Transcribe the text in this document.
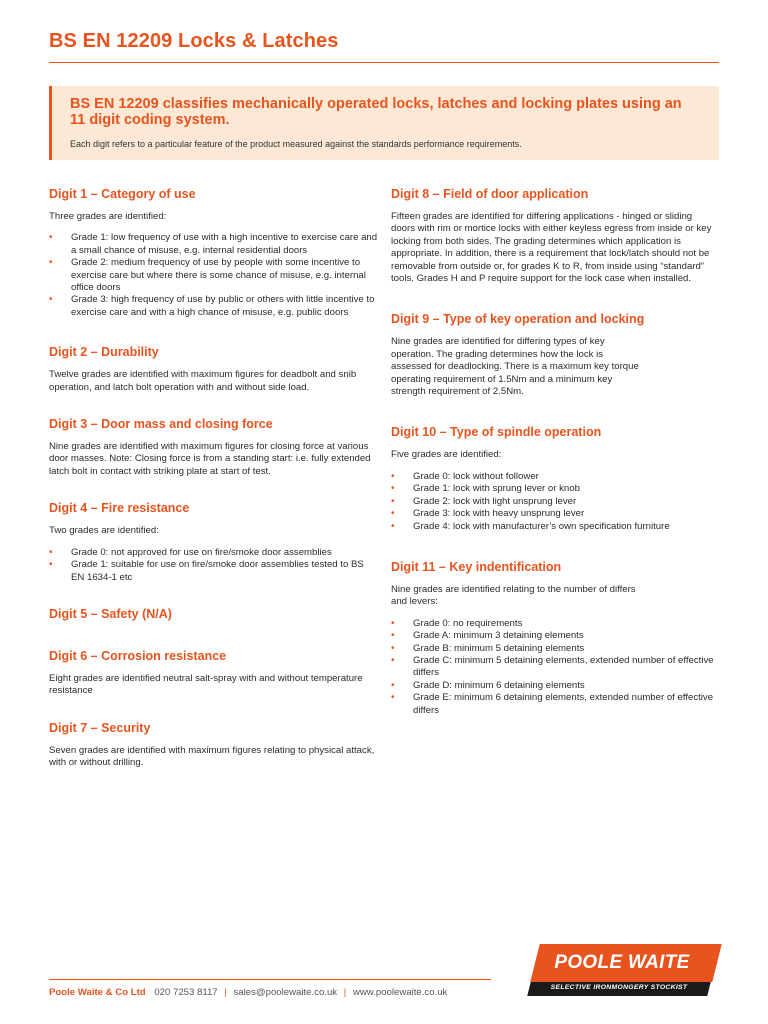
BS EN 12209 Locks & Latches
BS EN 12209 classifies mechanically operated locks, latches and locking plates using an 11 digit coding system.
Each digit refers to a particular feature of the product measured against the standards performance requirements.
Digit 1 – Category of use

Three grades are identified:

• Grade 1: low frequency of use with a high incentive to exercise care and a small chance of misuse, e.g. internal residential doors
• Grade 2: medium frequency of use by people with some incentive to exercise care but where there is some chance of misuse, e.g. internal office doors
• Grade 3: high frequency of use by public or others with little incentive to exercise care and with a high chance of misuse, e.g. public doors
Digit 2 – Durability

Twelve grades are identified with maximum figures for deadbolt and snib operation, and latch bolt operation with and without side load.

Digit 3 – Door mass and closing force

Nine grades are identified with maximum figures for closing force at various door masses. Note: Closing force is from a standing start: i.e. fully extended latch bolt in contact with striking plate at start of test.

Digit 4 – Fire resistance

Two grades are identified:

• Grade 0: not approved for use on fire/smoke door assemblies
• Grade 1: suitable for use on fire/smoke door assemblies tested to BS EN 1634-1 etc
Digit 5 – Safety (N/A)
Digit 6 – Corrosion resistance

Eight grades are identified neutral salt-spray with and without temperature resistance

Digit 7 – Security

Seven grades are identified with maximum figures relating to physical attack, with or without drilling.

Digit 8 – Field of door application

Fifteen grades are identified for differing applications - hinged or sliding doors with rim or mortice locks with either keyless egress from inside or key locking from both sides. The grading determines which application is appropriate. In addition, there is a requirement that lock/latch should not be removable from outside or, for grades K to R, from inside using “standard” tools. Grades H and P require support for the lock case when installed.

Digit 9 – Type of key operation and locking

Nine grades are identified for differing types of key operation. The grading determines how the lock is assessed for deadlocking. There is a maximum key torque operating requirement of 1.5Nm and a minimum key strength requirement of 2.5Nm.

Digit 10 – Type of spindle operation

Five grades are identified:

• Grade 0: lock without follower
• Grade 1: lock with sprung lever or knob
• Grade 2: lock with light unsprung lever
• Grade 3: lock with heavy unsprung lever
• Grade 4: lock with manufacturer’s own specification furniture
Digit 11 – Key indentification

Nine grades are identified relating to the number of differs and levers:

• Grade 0: no requirements
• Grade A: minimum 3 detaining elements
• Grade B: minimum 5 detaining elements
• Grade C: minimum 5 detaining elements, extended number of effective differs
• Grade D: minimum 6 detaining elements
• Grade E: minimum 6 detaining elements, extended number of effective differs
Poole Waite & Co Ltd 020 7253 8117 | sales@poolewaite.co.uk | www.poolewaite.co.uk
POOLE WAITE
SELECTIVE IRONMONGERY STOCKIST
